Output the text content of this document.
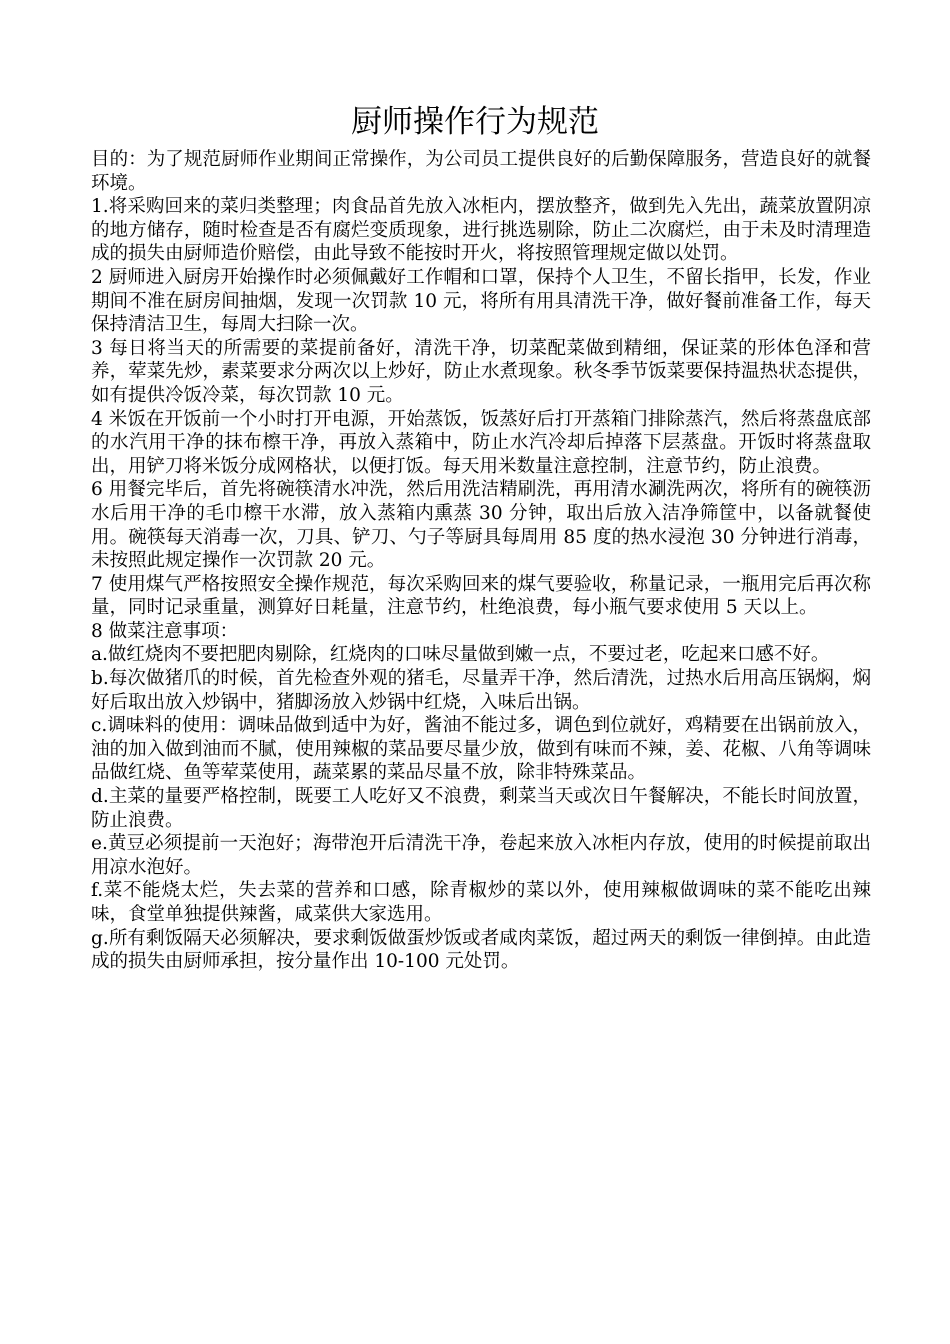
厨师操作行为规范

目的：为了规范厨师作业期间正常操作，为公司员工提供良好的后勤保障服务，营造良好的就餐环境。

1.将采购回来的菜归类整理；肉食品首先放入冰柜内，摆放整齐，做到先入先出，蔬菜放置阴凉的地方储存，随时检查是否有腐烂变质现象，进行挑选剔除，防止二次腐烂，由于未及时清理造成的损失由厨师造价赔偿，由此导致不能按时开火，将按照管理规定做以处罚。

2 厨师进入厨房开始操作时必须佩戴好工作帽和口罩，保持个人卫生，不留长指甲，长发，作业期间不准在厨房间抽烟，发现一次罚款 10 元，将所有用具清洗干净，做好餐前准备工作，每天保持清洁卫生，每周大扫除一次。

3 每日将当天的所需要的菜提前备好，清洗干净，切菜配菜做到精细，保证菜的形体色泽和营养，荤菜先炒，素菜要求分两次以上炒好，防止水煮现象。秋冬季节饭菜要保持温热状态提供，如有提供冷饭冷菜，每次罚款 10 元。

4 米饭在开饭前一个小时打开电源，开始蒸饭，饭蒸好后打开蒸箱门排除蒸汽，然后将蒸盘底部的水汽用干净的抹布檫干净，再放入蒸箱中，防止水汽冷却后掉落下层蒸盘。开饭时将蒸盘取出，用铲刀将米饭分成网格状，以便打饭。每天用米数量注意控制，注意节约，防止浪费。

6 用餐完毕后，首先将碗筷清水冲洗，然后用洗洁精刷洗，再用清水涮洗两次，将所有的碗筷沥水后用干净的毛巾檫干水滞，放入蒸箱内熏蒸 30 分钟，取出后放入洁净筛筐中，以备就餐使用。碗筷每天消毒一次，刀具、铲刀、勺子等厨具每周用 85 度的热水浸泡 30 分钟进行消毒，未按照此规定操作一次罚款 20 元。

7 使用煤气严格按照安全操作规范，每次采购回来的煤气要验收，称量记录，一瓶用完后再次称量，同时记录重量，测算好日耗量，注意节约，杜绝浪费，每小瓶气要求使用 5 天以上。

8 做菜注意事项：

a.做红烧肉不要把肥肉剔除，红烧肉的口味尽量做到嫩一点，不要过老，吃起来口感不好。

b.每次做猪爪的时候，首先检查外观的猪毛，尽量弄干净，然后清洗，过热水后用高压锅焖，焖好后取出放入炒锅中，猪脚汤放入炒锅中红烧，入味后出锅。

c.调味料的使用：调味品做到适中为好，酱油不能过多，调色到位就好，鸡精要在出锅前放入，油的加入做到油而不腻，使用辣椒的菜品要尽量少放，做到有味而不辣，姜、花椒、八角等调味品做红烧、鱼等荤菜使用，蔬菜累的菜品尽量不放，除非特殊菜品。

d.主菜的量要严格控制，既要工人吃好又不浪费，剩菜当天或次日午餐解决，不能长时间放置，防止浪费。

e.黄豆必须提前一天泡好；海带泡开后清洗干净，卷起来放入冰柜内存放，使用的时候提前取出用凉水泡好。

f.菜不能烧太烂，失去菜的营养和口感，除青椒炒的菜以外，使用辣椒做调味的菜不能吃出辣味，食堂单独提供辣酱，咸菜供大家选用。

g.所有剩饭隔天必须解决，要求剩饭做蛋炒饭或者咸肉菜饭，超过两天的剩饭一律倒掉。由此造成的损失由厨师承担，按分量作出 10-100 元处罚。
